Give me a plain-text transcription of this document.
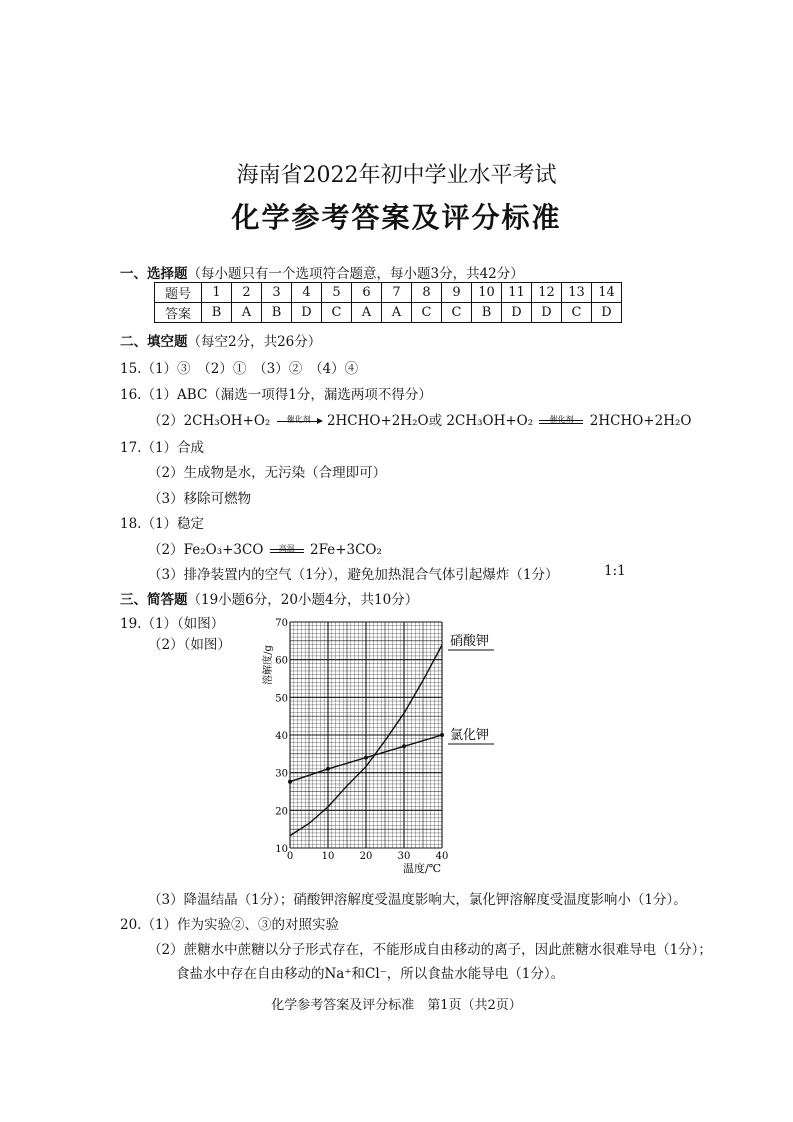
海南省2022年初中学业水平考试
化学参考答案及评分标准
一、选择题（每小题只有一个选项符合题意，每小题3分，共42分）
题号	1	2	3	4	5	6	7	8	9	10	11	12	13	14
答案	B	A	B	D	C	A	A	C	C	B	D	D	C	D
二、填空题（每空2分，共26分）
15.（1）③　（2）①　（3）②　（4）④
16.（1）ABC（漏选一项得1分，漏选两项不得分）
（2）2CH₃OH+O₂	催化剂	2HCHO+2H₂O或 2CH₃OH+O₂	催化剂	2HCHO+2H₂O
17.（1）合成
（2）生成物是水，无污染（合理即可）
（3）移除可燃物
18.（1）稳定
（2）Fe₂O₃+3CO	高温	2Fe+3CO₂
（3）排净装置内的空气（1分），避免加热混合气体引起爆炸（1分）	1:1
三、简答题（19小题6分，20小题4分，共10分）
19.（1）（如图）
（2）（如图）
0	10	20	30	40
10
20
30
40
50
60
70
硝酸钾
氯化钾
溶解度/g
温度/℃
（3）降温结晶（1分）；硝酸钾溶解度受温度影响大，氯化钾溶解度受温度影响小（1分）。
20.（1）作为实验②、③的对照实验
（2）蔗糖水中蔗糖以分子形式存在，不能形成自由移动的离子，因此蔗糖水很难导电（1分）；
食盐水中存在自由移动的Na⁺和Cl⁻，所以食盐水能导电（1分）。
化学参考答案及评分标准　第1页（共2页）
